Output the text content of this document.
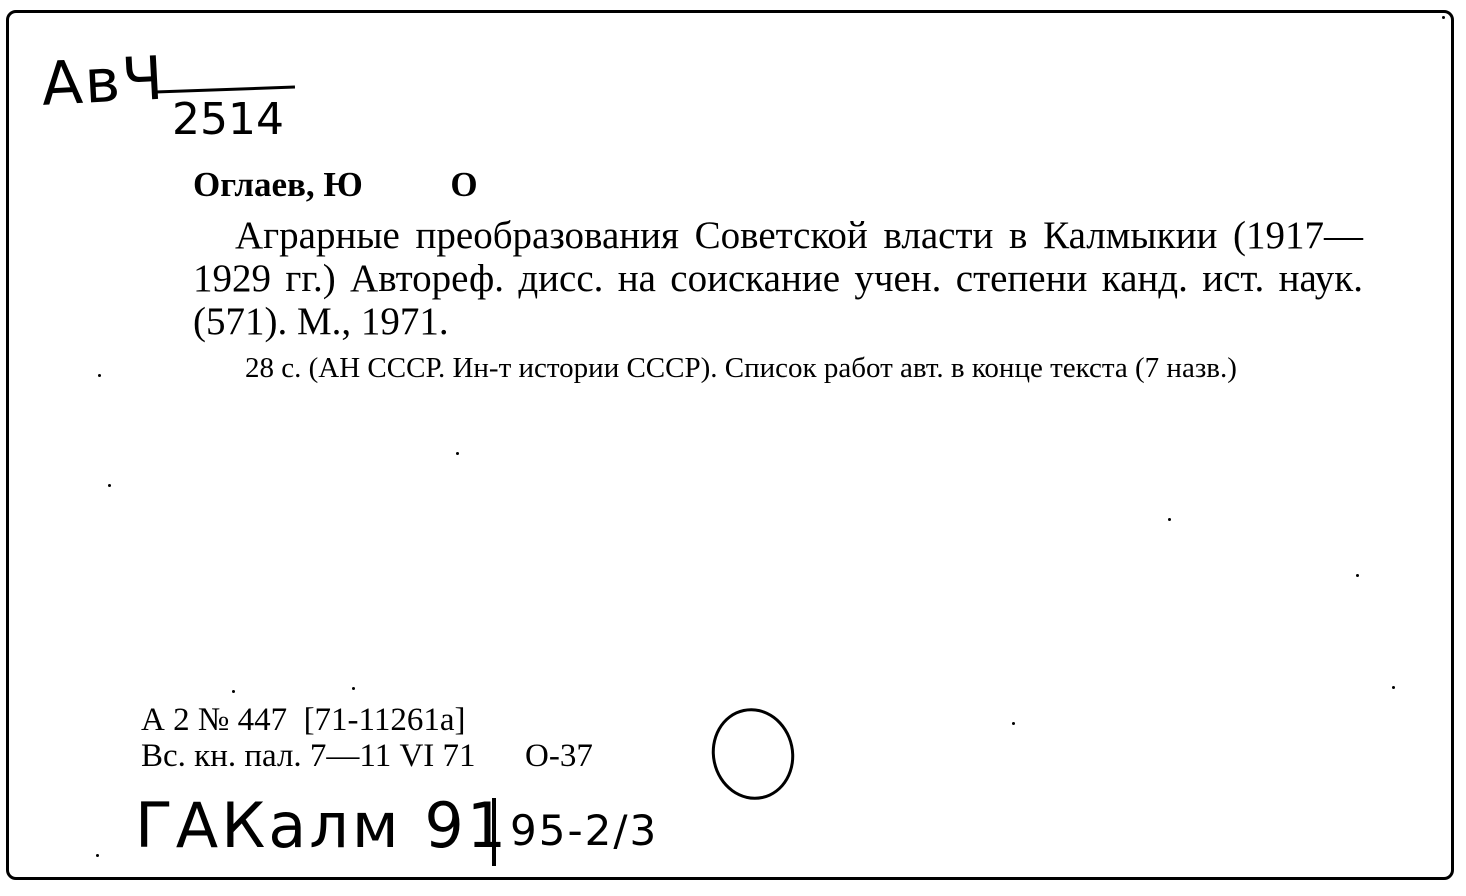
АвЧ 2514
Оглаев, Ю          О
Аграрные преобразования Советской власти в Калмыкии (1917—1929 гг.) Автореф. дисс. на соискание учен. степени канд. ист. наук. (571). М., 1971.
28 с. (АН СССР. Ин-т истории СССР). Список работ авт. в конце текста (7 назв.)
А 2 № 447  [71-11261а]
Вс. кн. пал. 7—11 VI 71      О-37
ГАКалм 91 95-2/3
